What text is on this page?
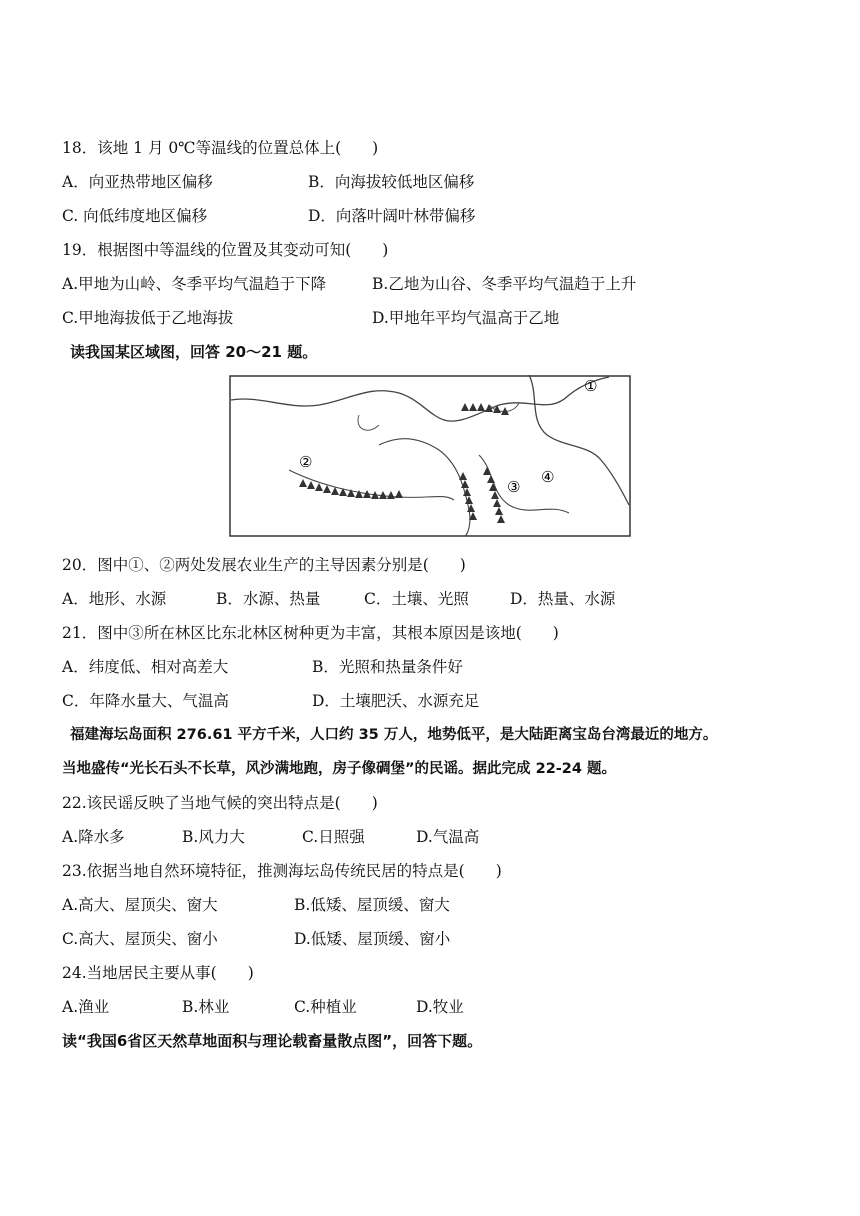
18．该地 1 月 0℃等温线的位置总体上(　　)
A．向亚热带地区偏移	B．向海拔较低地区偏移
C. 向低纬度地区偏移	D．向落叶阔叶林带偏移
19．根据图中等温线的位置及其变动可知(　　)
A.甲地为山岭、冬季平均气温趋于下降	B.乙地为山谷、冬季平均气温趋于上升
C.甲地海拔低于乙地海拔	D.甲地年平均气温高于乙地
读我国某区域图，回答 20～21 题。
①
②
③
④
20．图中①、②两处发展农业生产的主导因素分别是(　　)
A．地形、水源	B．水源、热量	C．土壤、光照	D．热量、水源
21．图中③所在林区比东北林区树种更为丰富，其根本原因是该地(　　)
A．纬度低、相对高差大	B．光照和热量条件好
C．年降水量大、气温高	D．土壤肥沃、水源充足
福建海坛岛面积 276.61 平方千米，人口约 35 万人，地势低平，是大陆距离宝岛台湾最近的地方。
当地盛传“光长石头不长草，风沙满地跑，房子像碉堡”的民谣。据此完成 22-24 题。
22.该民谣反映了当地气候的突出特点是(　　)
A.降水多	B.风力大	C.日照强	D.气温高
23.依据当地自然环境特征，推测海坛岛传统民居的特点是(　　)
A.高大、屋顶尖、窗大	B.低矮、屋顶缓、窗大
C.高大、屋顶尖、窗小	D.低矮、屋顶缓、窗小
24.当地居民主要从事(　　)
A.渔业	B.林业	C.种植业	D.牧业
读“我国6省区天然草地面积与理论载畜量散点图”，回答下题。
